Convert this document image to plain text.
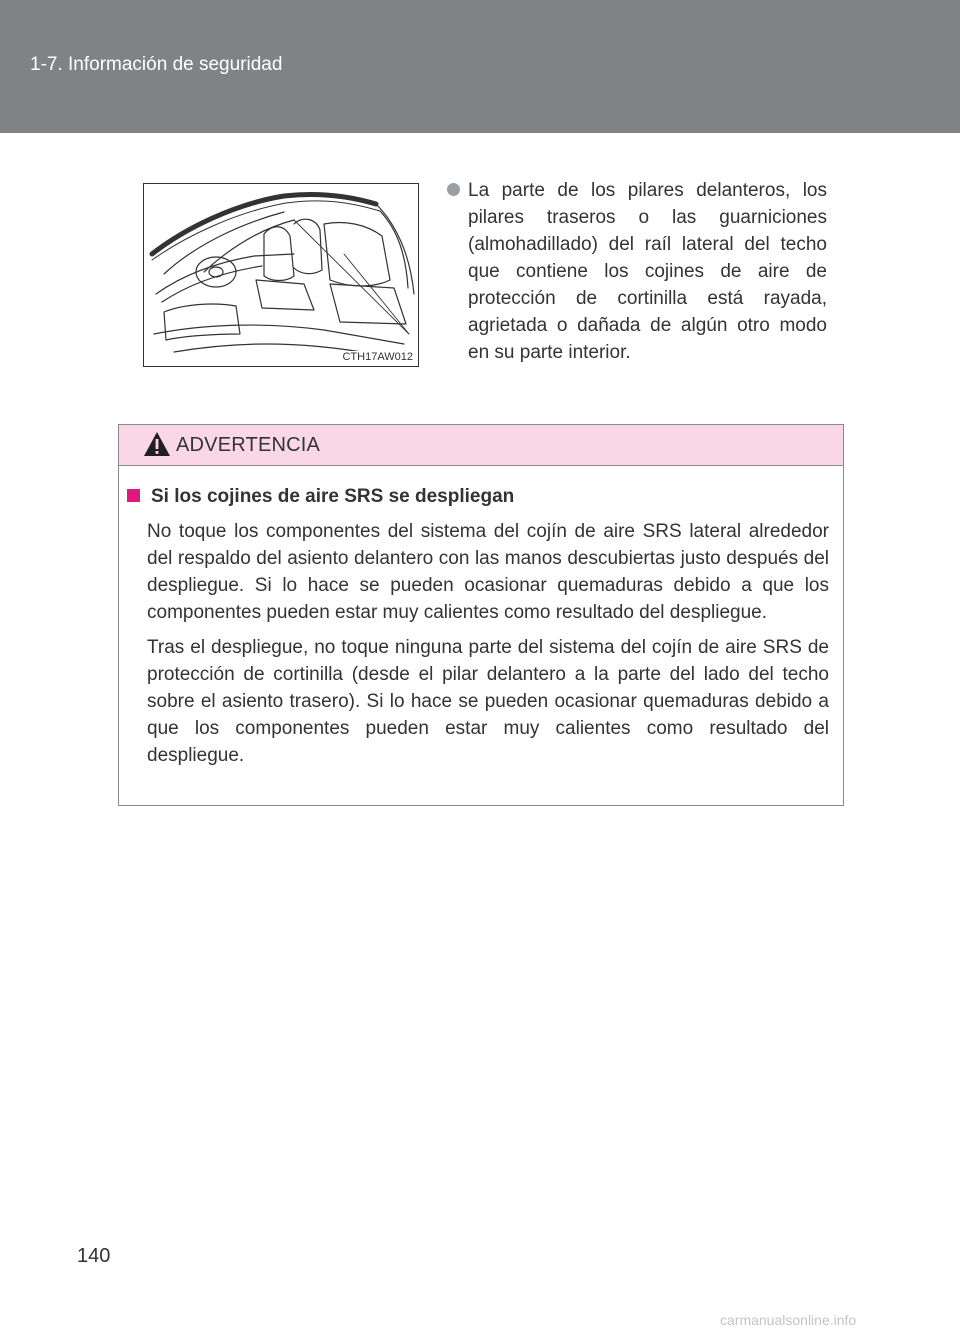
1-7. Información de seguridad
CTH17AW012
La parte de los pilares delanteros, los pilares traseros o las guarniciones (almohadillado) del raíl lateral del techo que contiene los cojines de aire de protección de cortinilla está rayada, agrietada o dañada de algún otro modo en su parte interior.
ADVERTENCIA
Si los cojines de aire SRS se despliegan

No toque los componentes del sistema del cojín de aire SRS lateral alrededor del respaldo del asiento delantero con las manos descubiertas justo después del despliegue. Si lo hace se pueden ocasionar quemaduras debido a que los componentes pueden estar muy calientes como resultado del despliegue.

Tras el despliegue, no toque ninguna parte del sistema del cojín de aire SRS de protección de cortinilla (desde el pilar delantero a la parte del lado del techo sobre el asiento trasero). Si lo hace se pueden ocasionar quemaduras debido a que los componentes pueden estar muy calientes como resultado del despliegue.

140
carmanualsonline.info
